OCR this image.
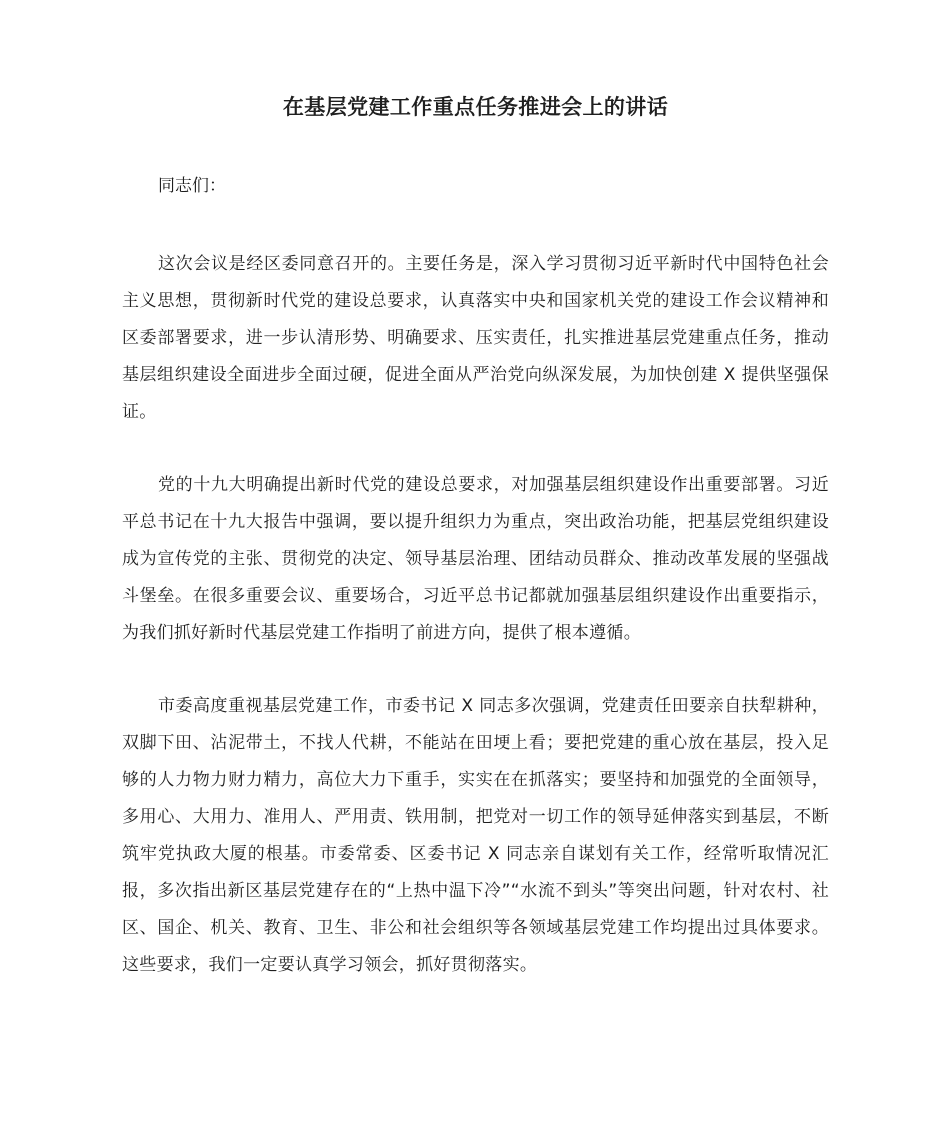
在基层党建工作重点任务推进会上的讲话

同志们：

这次会议是经区委同意召开的。主要任务是，深入学习贯彻习近平新时代中国特色社会主义思想，贯彻新时代党的建设总要求，认真落实中央和国家机关党的建设工作会议精神和区委部署要求，进一步认清形势、明确要求、压实责任，扎实推进基层党建重点任务，推动基层组织建设全面进步全面过硬，促进全面从严治党向纵深发展，为加快创建 X 提供坚强保证。

党的十九大明确提出新时代党的建设总要求，对加强基层组织建设作出重要部署。习近平总书记在十九大报告中强调，要以提升组织力为重点，突出政治功能，把基层党组织建设成为宣传党的主张、贯彻党的决定、领导基层治理、团结动员群众、推动改革发展的坚强战斗堡垒。在很多重要会议、重要场合，习近平总书记都就加强基层组织建设作出重要指示，为我们抓好新时代基层党建工作指明了前进方向，提供了根本遵循。

市委高度重视基层党建工作，市委书记 X 同志多次强调，党建责任田要亲自扶犁耕种，双脚下田、沾泥带土，不找人代耕，不能站在田埂上看；要把党建的重心放在基层，投入足够的人力物力财力精力，高位大力下重手，实实在在抓落实；要坚持和加强党的全面领导，多用心、大用力、准用人、严用责、铁用制，把党对一切工作的领导延伸落实到基层，不断筑牢党执政大厦的根基。市委常委、区委书记 X 同志亲自谋划有关工作，经常听取情况汇报，多次指出新区基层党建存在的“上热中温下冷”“水流不到头”等突出问题，针对农村、社区、国企、机关、教育、卫生、非公和社会组织等各领域基层党建工作均提出过具体要求。这些要求，我们一定要认真学习领会，抓好贯彻落实。
